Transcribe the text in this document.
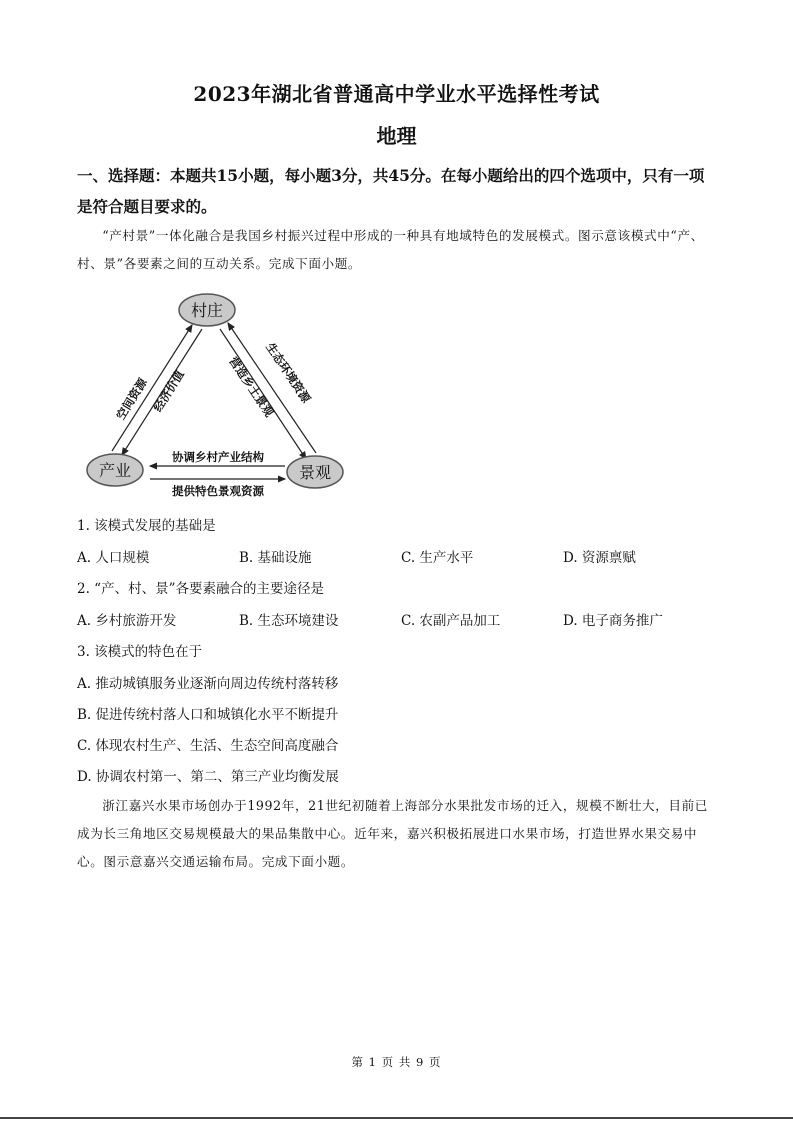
2023年湖北省普通高中学业水平选择性考试
地理
一、选择题：本题共15小题，每小题3分，共45分。在每小题给出的四个选项中，只有一项是符合题目要求的。
“产村景”一体化融合是我国乡村振兴过程中形成的一种具有地域特色的发展模式。图示意该模式中“产、村、景”各要素之间的互动关系。完成下面小题。
村庄
产业	景观
空间资源 经济价值	生态环境资源
营造乡土景观
协调乡村产业结构
提供特色景观资源
1. 该模式发展的基础是
A. 人口规模	B. 基础设施	C. 生产水平	D. 资源禀赋
2. “产、村、景”各要素融合的主要途径是
A. 乡村旅游开发	B. 生态环境建设	C. 农副产品加工	D. 电子商务推广
3. 该模式的特色在于
A. 推动城镇服务业逐渐向周边传统村落转移
B. 促进传统村落人口和城镇化水平不断提升
C. 体现农村生产、生活、生态空间高度融合
D. 协调农村第一、第二、第三产业均衡发展
浙江嘉兴水果市场创办于1992年，21世纪初随着上海部分水果批发市场的迁入，规模不断壮大，目前已成为长三角地区交易规模最大的果品集散中心。近年来，嘉兴积极拓展进口水果市场，打造世界水果交易中心。图示意嘉兴交通运输布局。完成下面小题。
第 1 页 共 9 页
